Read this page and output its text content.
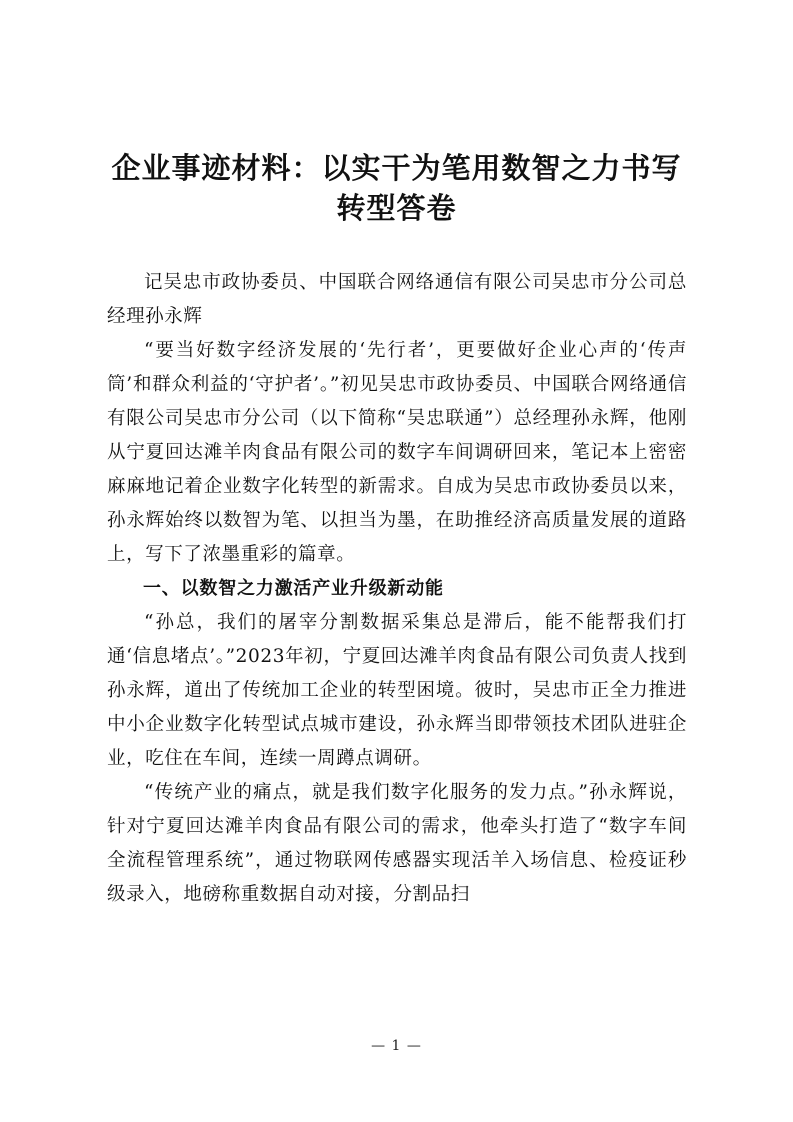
企业事迹材料：以实干为笔用数智之力书写转型答卷

记吴忠市政协委员、中国联合网络通信有限公司吴忠市分公司总经理孙永辉

“要当好数字经济发展的‘先行者’，更要做好企业心声的‘传声筒’和群众利益的‘守护者’。”初见吴忠市政协委员、中国联合网络通信有限公司吴忠市分公司（以下简称“吴忠联通”）总经理孙永辉，他刚从宁夏回达滩羊肉食品有限公司的数字车间调研回来，笔记本上密密麻麻地记着企业数字化转型的新需求。自成为吴忠市政协委员以来，孙永辉始终以数智为笔、以担当为墨，在助推经济高质量发展的道路上，写下了浓墨重彩的篇章。

一、以数智之力激活产业升级新动能

“孙总，我们的屠宰分割数据采集总是滞后，能不能帮我们打通‘信息堵点’。”2023年初，宁夏回达滩羊肉食品有限公司负责人找到孙永辉，道出了传统加工企业的转型困境。彼时，吴忠市正全力推进中小企业数字化转型试点城市建设，孙永辉当即带领技术团队进驻企业，吃住在车间，连续一周蹲点调研。

“传统产业的痛点，就是我们数字化服务的发力点。”孙永辉说，针对宁夏回达滩羊肉食品有限公司的需求，他牵头打造了“数字车间全流程管理系统”，通过物联网传感器实现活羊入场信息、检疫证秒级录入，地磅称重数据自动对接，分割品扫

— 1 —
